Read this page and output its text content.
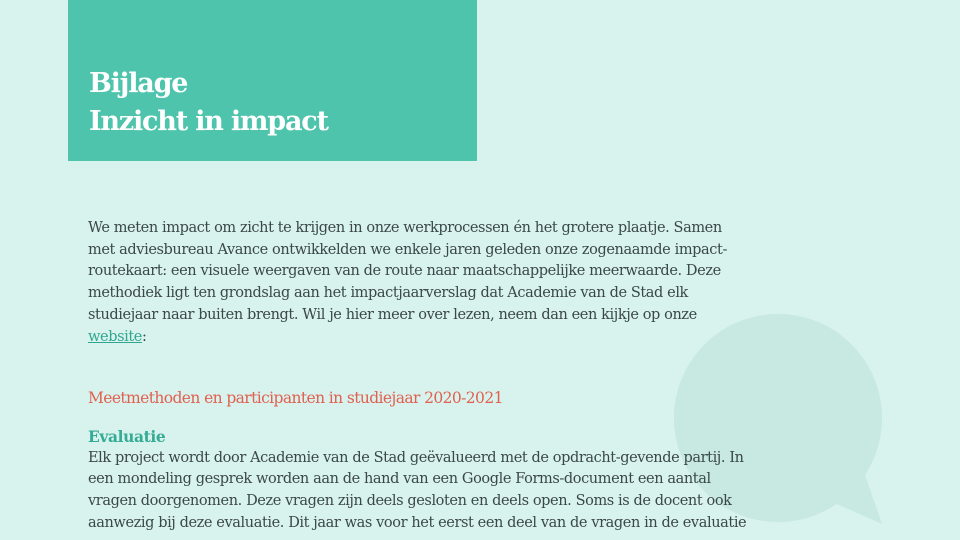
Bijlage
Inzicht in impact
We meten impact om zicht te krijgen in onze werkprocessen én het grotere plaatje. Samen
met adviesbureau Avance ontwikkelden we enkele jaren geleden onze zogenaamde impact-
routekaart: een visuele weergaven van de route naar maatschappelijke meerwaarde. Deze
methodiek ligt ten grondslag aan het impactjaarverslag dat Academie van de Stad elk
studiejaar naar buiten brengt. Wil je hier meer over lezen, neem dan een kijkje op onze
website:
Meetmethoden en participanten in studiejaar 2020-2021
Evaluatie
Elk project wordt door Academie van de Stad geëvalueerd met de opdracht-gevende partij. In
een mondeling gesprek worden aan de hand van een Google Forms-document een aantal
vragen doorgenomen. Deze vragen zijn deels gesloten en deels open. Soms is de docent ook
aanwezig bij deze evaluatie. Dit jaar was voor het eerst een deel van de vragen in de evaluatie
